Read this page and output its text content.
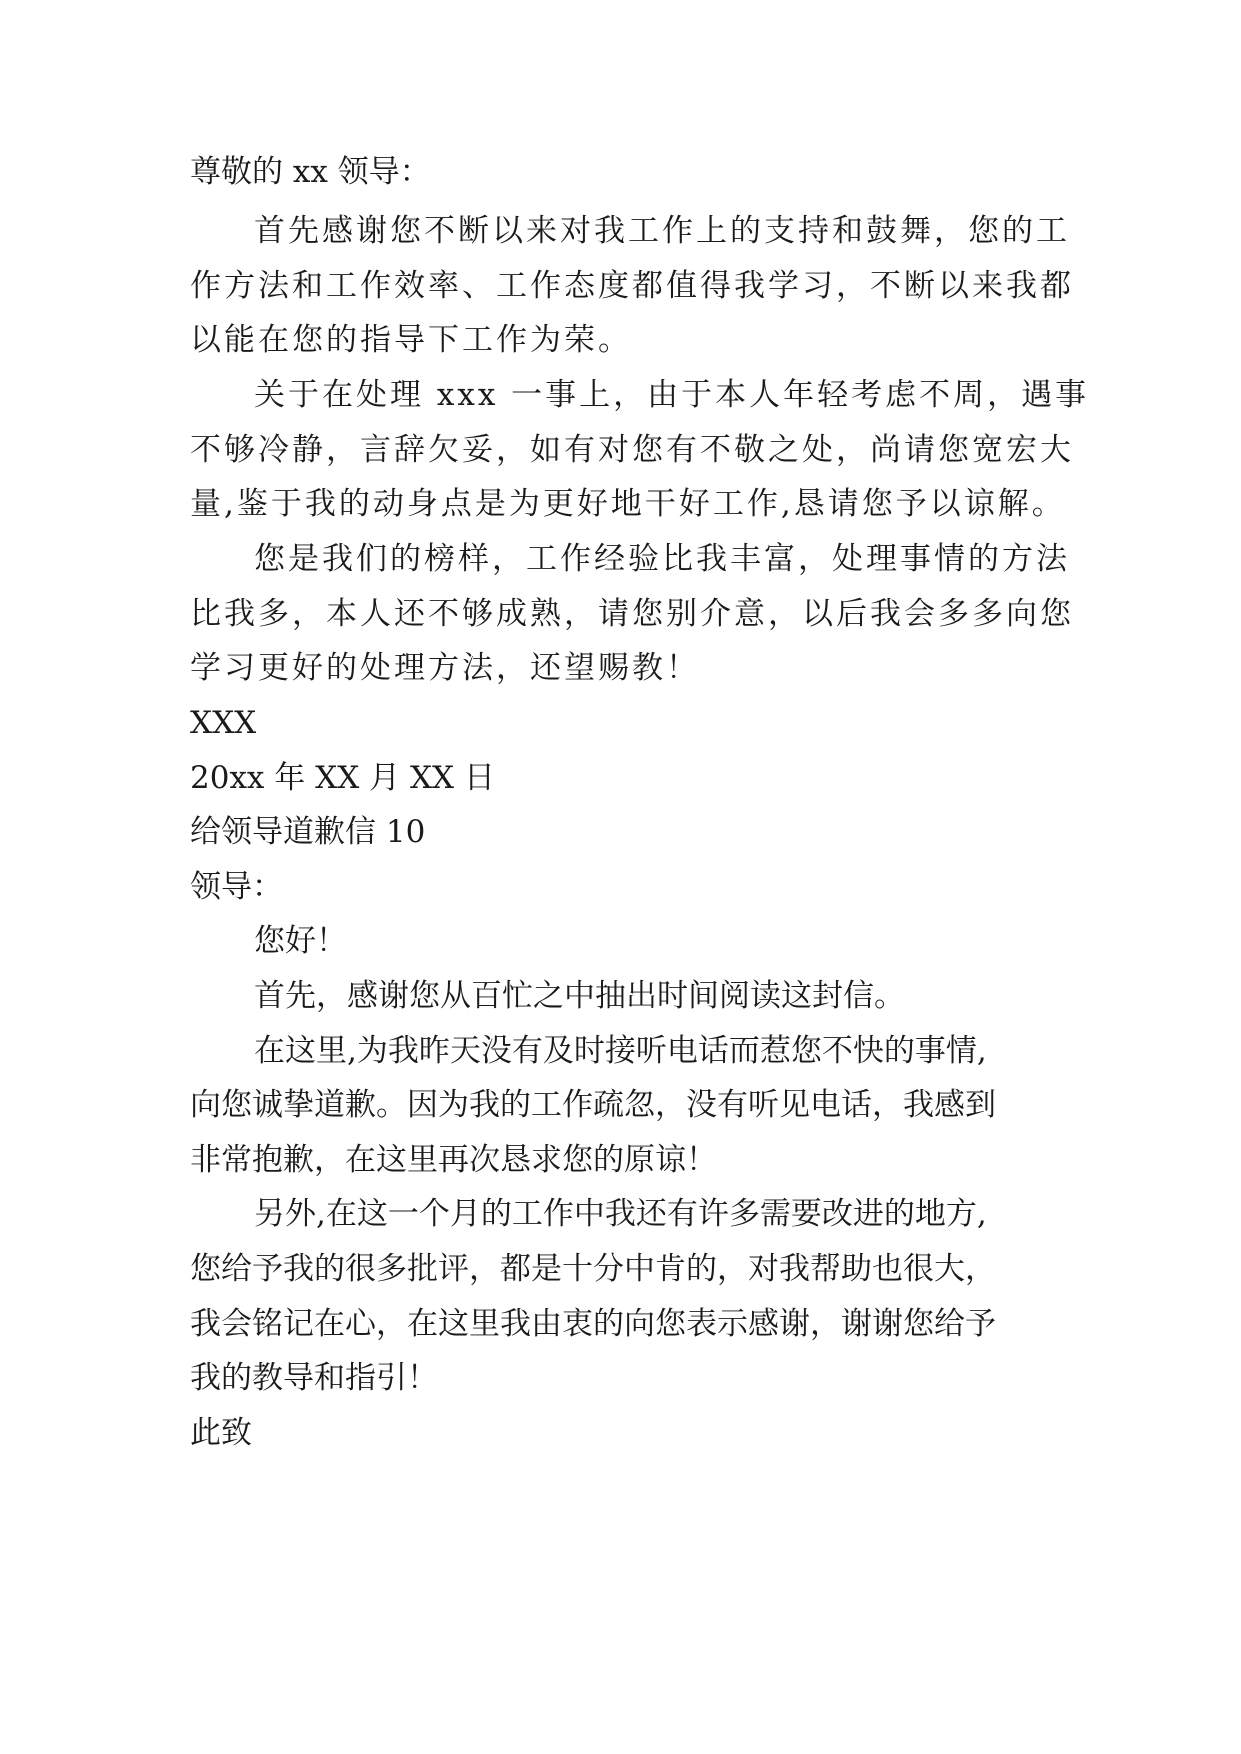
尊敬的 xx 领导：

首先感谢您不断以来对我工作上的支持和鼓舞，您的工

作方法和工作效率、工作态度都值得我学习，不断以来我都

以能在您的指导下工作为荣。

关于在处理 xxx 一事上，由于本人年轻考虑不周，遇事

不够冷静，言辞欠妥，如有对您有不敬之处，尚请您宽宏大

量,鉴于我的动身点是为更好地干好工作,恳请您予以谅解。

您是我们的榜样，工作经验比我丰富，处理事情的方法

比我多，本人还不够成熟，请您别介意，以后我会多多向您

学习更好的处理方法，还望赐教！

XXX

20xx 年 XX 月 XX 日

给领导道歉信 10

领导：

您好！

首先，感谢您从百忙之中抽出时间阅读这封信。

在这里,为我昨天没有及时接听电话而惹您不快的事情,

向您诚挚道歉。因为我的工作疏忽，没有听见电话，我感到

非常抱歉，在这里再次恳求您的原谅！

另外,在这一个月的工作中我还有许多需要改进的地方,

您给予我的很多批评，都是十分中肯的，对我帮助也很大，

我会铭记在心，在这里我由衷的向您表示感谢，谢谢您给予

我的教导和指引！

此致
